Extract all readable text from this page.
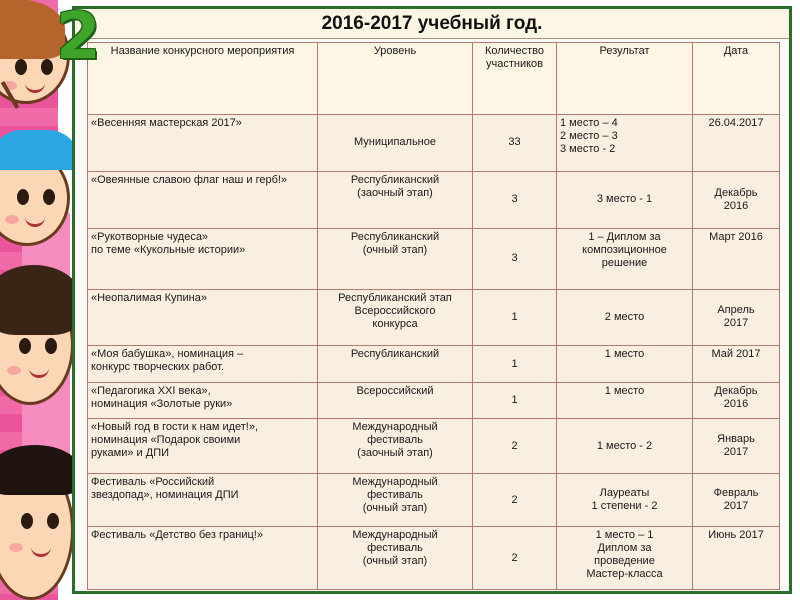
2	2016-2017 учебный год.
Название конкурсного мероприятия	Уровень	Количество участников	Результат	Дата

«Весенняя мастерская 2017»	Муниципальное	33	1 место – 4
2 место – 3
3 место - 2	26.04.2017

«Овеянные славою флаг наш и герб!»	Республиканский
(заочный этап)	3	3 место - 1	Декабрь
2016

«Рукотворные чудеса»
по теме «Кукольные истории»	Республиканский
(очный этап)	3	1 – Диплом за
композиционное
решение	Март 2016

«Неопалимая Купина»	Республиканский этап
Всероссийского
конкурса	1	2 место	Апрель
2017

«Моя бабушка», номинация –
конкурс творческих работ.	Республиканский	1	1 место	Май 2017

«Педагогика XXI века»,
номинация «Золотые руки»	Всероссийский	1	1 место	Декабрь
2016

«Новый год в гости к нам идет!»,
номинация «Подарок своими
руками» и ДПИ	Международный
фестиваль
(заочный этап)	2	1 место - 2	Январь
2017

Фестиваль «Российский
звездопад», номинация ДПИ	Международный
фестиваль
(очный этап)	2	Лауреаты
1 степени - 2	Февраль
2017

Фестиваль «Детство без границ!»	Международный
фестиваль
(очный этап)	2	1 место – 1
Диплом за
проведение
Мастер-класса	Июнь 2017
